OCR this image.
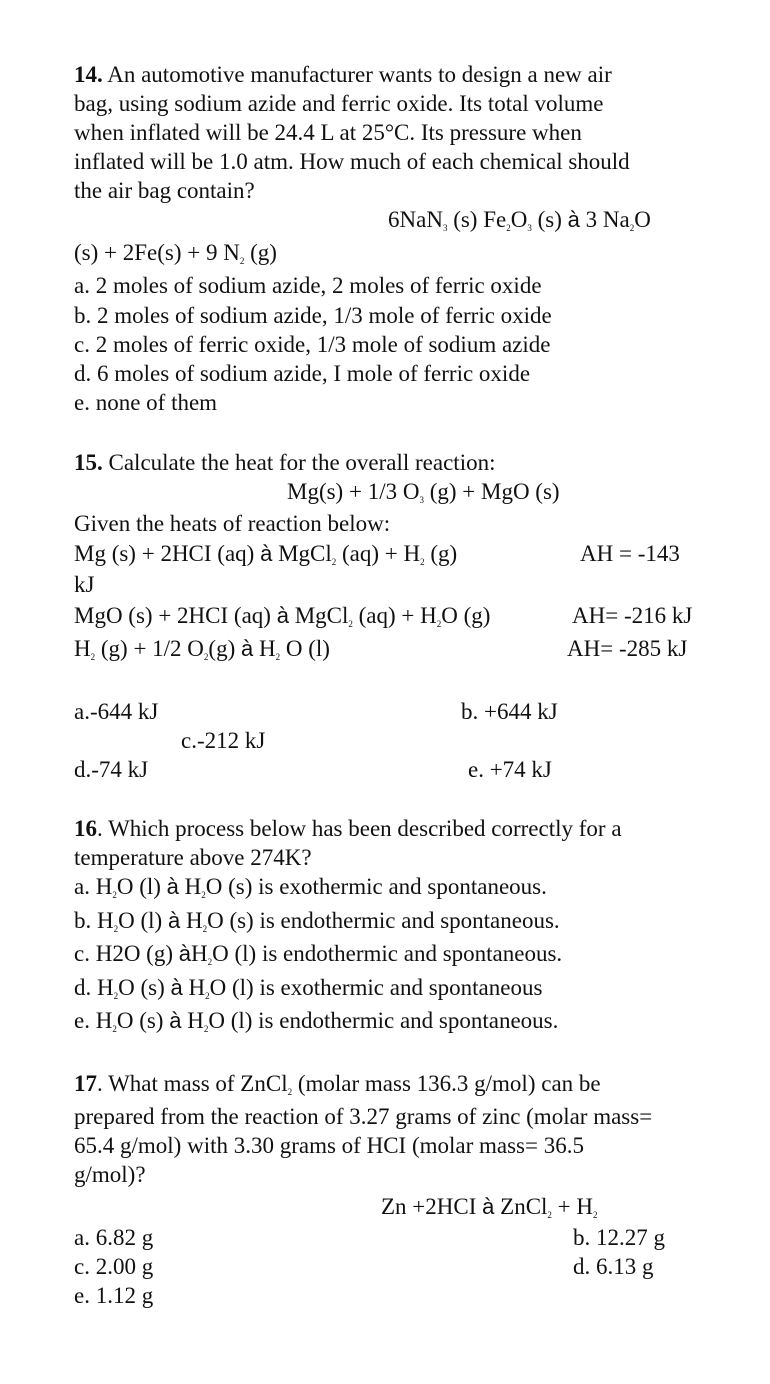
14. An automotive manufacturer wants to design a new air
bag, using sodium azide and ferric oxide. Its total volume
when inflated will be 24.4 L at 25°C. Its pressure when
inflated will be 1.0 atm. How much of each chemical should
the air bag contain?
6NaN$_3$ (s) $Fe_2O_3$ (s) à 3 $Na_2O$
(s) + 2Fe(s) + 9 $N_2$ (g)
a. 2 moles of sodium azide, 2 moles of ferric oxide
b. 2 moles of sodium azide, 1/3 mole of ferric oxide
c. 2 moles of ferric oxide, 1/3 mole of sodium azide
d. 6 moles of sodium azide, I mole of ferric oxide
e. none of them
15. Calculate the heat for the overall reaction:
Mg(s) + 1/3 $O_3$ (g) + MgO (s)
Given the heats of reaction below:
Mg (s) + 2HCI (aq) à MgCl$_2$ $(aq) + H_2$ (g)	AH = -143
kJ
MgO (s) + 2HCI (aq) à MgCl$_2$ $(aq) + H_2O$ (g)	AH= -216 kJ
$H_2$ (g) + 1/2 $O_2(g)$ à $H_2$ O (l)	AH= -285 kJ
a.-644 kJ	b. +644 kJ
c.-212 kJ
d.-74 kJ	e. +74 kJ
16. Which process below has been described correctly for a
temperature above 274K?
a. $H_2O$ (l) à $H_2O$ (s) is exothermic and spontaneous.
b. $H_2O$ (l) à $H_2O$ (s) is endothermic and spontaneous.
c. H2O (g) $àH_2O$ (l) is endothermic and spontaneous.
d. $H_2O$ (s) à $H_2O$ (l) is exothermic and spontaneous
e. $H_2O$ (s) à $H_2O$ (l) is endothermic and spontaneous.
17. What mass of ZnCl$_2$ (molar mass 136.3 g/mol) can be
prepared from the reaction of 3.27 grams of zinc (molar mass=
65.4 g/mol) with 3.30 grams of HCI (molar mass= 36.5
g/mol)?
Zn +2HCI à ZnCl$_2$ + $H_2$
a. 6.82 g	b. 12.27 g
c. 2.00 g	d. 6.13 g
e. 1.12 g
